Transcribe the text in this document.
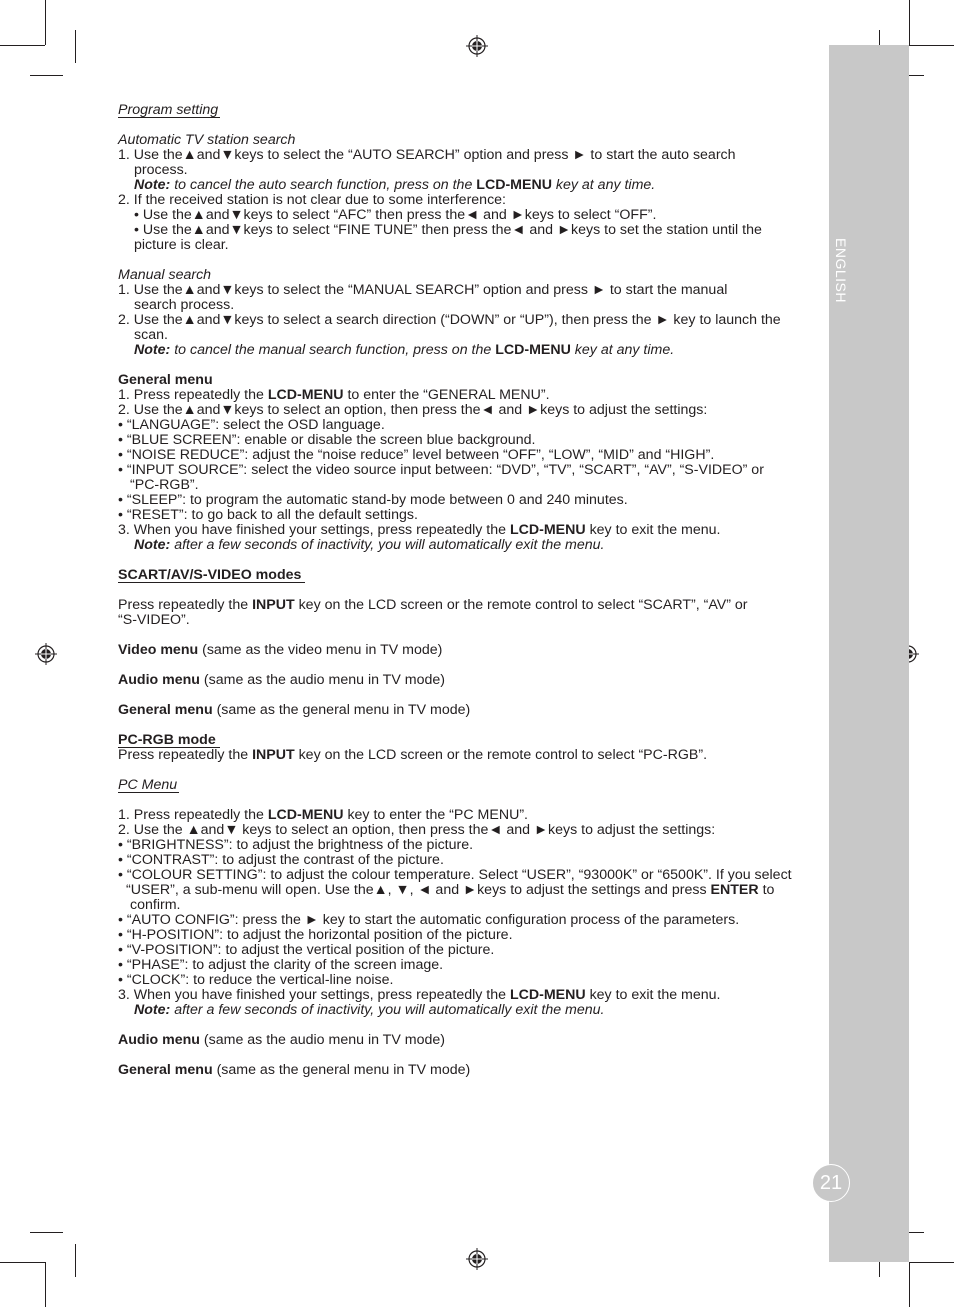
ENGLISH
21
Program setting
Automatic TV station search
1. Use the▲and▼keys to select the “AUTO SEARCH” option and press ► to start the auto search
process.
Note: to cancel the auto search function, press on the LCD-MENU key at any time.
2. If the received station is not clear due to some interference:
• Use the▲and▼keys to select “AFC” then press the◄ and ►keys to select “OFF”.
• Use the▲and▼keys to select “FINE TUNE” then press the◄ and ►keys to set the station until the
picture is clear.
Manual search
1. Use the▲and▼keys to select the “MANUAL SEARCH” option and press ► to start the manual
search process.
2. Use the▲and▼keys to select a search direction (“DOWN” or “UP”), then press the ► key to launch the
scan.
Note: to cancel the manual search function, press on the LCD-MENU key at any time.
General menu
1. Press repeatedly the LCD-MENU to enter the “GENERAL MENU”.
2. Use the▲and▼keys to select an option, then press the◄ and ►keys to adjust the settings:
• “LANGUAGE”: select the OSD language.
• “BLUE SCREEN”: enable or disable the screen blue background.
• “NOISE REDUCE”: adjust the “noise reduce” level between “OFF”, “LOW”, “MID” and “HIGH”.
• “INPUT SOURCE”: select the video source input between: “DVD”, “TV”, “SCART”, “AV”, “S-VIDEO” or
“PC-RGB”.
• “SLEEP”: to program the automatic stand-by mode between 0 and 240 minutes.
• “RESET”: to go back to all the default settings.
3. When you have finished your settings, press repeatedly the LCD-MENU key to exit the menu.
Note: after a few seconds of inactivity, you will automatically exit the menu.
SCART/AV/S-VIDEO modes
Press repeatedly the INPUT key on the LCD screen or the remote control to select “SCART”, “AV” or
“S-VIDEO”.
Video menu (same as the video menu in TV mode)
Audio menu (same as the audio menu in TV mode)
General menu (same as the general menu in TV mode)
PC-RGB mode
Press repeatedly the INPUT key on the LCD screen or the remote control to select “PC-RGB”.
PC Menu
1. Press repeatedly the LCD-MENU key to enter the “PC MENU”.
2. Use the ▲and▼ keys to select an option, then press the◄ and ►keys to adjust the settings:
• “BRIGHTNESS”: to adjust the brightness of the picture.
• “CONTRAST”: to adjust the contrast of the picture.
• “COLOUR SETTING”: to adjust the colour temperature. Select “USER”, “93000K” or “6500K”. If you select
“USER”, a sub-menu will open. Use the▲, ▼, ◄ and ►keys to adjust the settings and press ENTER to
confirm.
• “AUTO CONFIG”: press the ► key to start the automatic configuration process of the parameters.
• “H-POSITION”: to adjust the horizontal position of the picture.
• “V-POSITION”: to adjust the vertical position of the picture.
• “PHASE”: to adjust the clarity of the screen image.
• “CLOCK”: to reduce the vertical-line noise.
3. When you have finished your settings, press repeatedly the LCD-MENU key to exit the menu.
Note: after a few seconds of inactivity, you will automatically exit the menu.
Audio menu (same as the audio menu in TV mode)
General menu (same as the general menu in TV mode)
